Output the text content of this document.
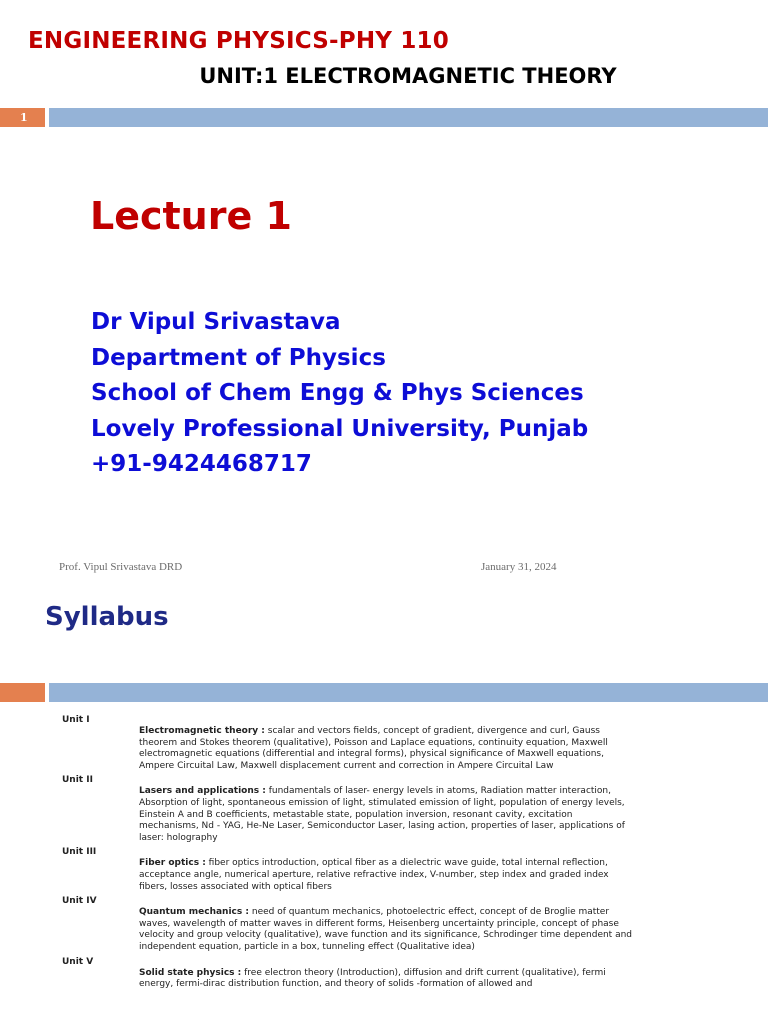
ENGINEERING PHYSICS-PHY 110
UNIT:1 ELECTROMAGNETIC THEORY
1
Lecture 1
Dr Vipul Srivastava
Department of Physics
School of Chem Engg & Phys Sciences
Lovely Professional University, Punjab
+91-9424468717
Prof. Vipul Srivastava DRD	January 31, 2024
Syllabus
Unit I
Electromagnetic theory : scalar and vectors fields, concept of gradient, divergence and curl, Gauss theorem and Stokes theorem (qualitative), Poisson and Laplace equations, continuity equation, Maxwell electromagnetic equations (differential and integral forms), physical significance of Maxwell equations, Ampere Circuital Law, Maxwell displacement current and correction in Ampere Circuital Law
Unit II
Lasers and applications : fundamentals of laser- energy levels in atoms, Radiation matter interaction, Absorption of light, spontaneous emission of light, stimulated emission of light, population of energy levels, Einstein A and B coefficients, metastable state, population inversion, resonant cavity, excitation mechanisms, Nd - YAG, He-Ne Laser, Semiconductor Laser, lasing action, properties of laser, applications of laser: holography
Unit III
Fiber optics : fiber optics introduction, optical fiber as a dielectric wave guide, total internal reflection, acceptance angle, numerical aperture, relative refractive index, V-number, step index and graded index fibers, losses associated with optical fibers
Unit IV
Quantum mechanics : need of quantum mechanics, photoelectric effect, concept of de Broglie matter waves, wavelength of matter waves in different forms, Heisenberg uncertainty principle, concept of phase velocity and group velocity (qualitative), wave function and its significance, Schrodinger time dependent and independent equation, particle in a box, tunneling effect (Qualitative idea)
Unit V
Solid state physics : free electron theory (Introduction), diffusion and drift current (qualitative), fermi energy, fermi-dirac distribution function, and theory of solids -formation of allowed and
